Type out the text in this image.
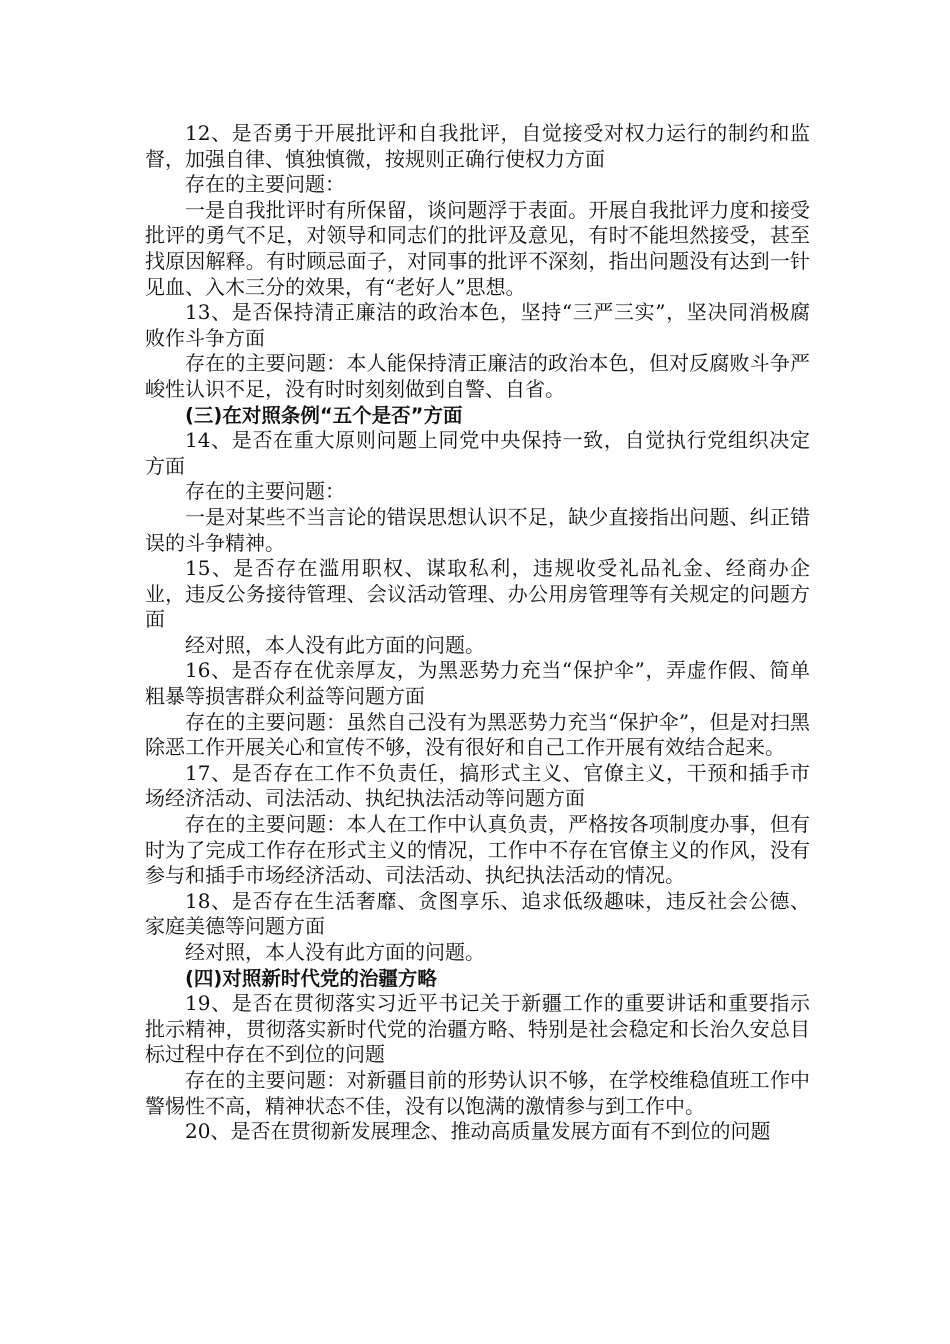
12、是否勇于开展批评和自我批评，自觉接受对权力运行的制约和监督，加强自律、慎独慎微，按规则正确行使权力方面

存在的主要问题：

一是自我批评时有所保留，谈问题浮于表面。开展自我批评力度和接受批评的勇气不足，对领导和同志们的批评及意见，有时不能坦然接受，甚至找原因解释。有时顾忌面子，对同事的批评不深刻，指出问题没有达到一针见血、入木三分的效果，有“老好人”思想。

13、是否保持清正廉洁的政治本色，坚持“三严三实”，坚决同消极腐败作斗争方面

存在的主要问题：本人能保持清正廉洁的政治本色，但对反腐败斗争严峻性认识不足，没有时时刻刻做到自警、自省。

(三)在对照条例“五个是否”方面

14、是否在重大原则问题上同党中央保持一致，自觉执行党组织决定方面

存在的主要问题：

一是对某些不当言论的错误思想认识不足，缺少直接指出问题、纠正错误的斗争精神。

15、是否存在滥用职权、谋取私利，违规收受礼品礼金、经商办企业，违反公务接待管理、会议活动管理、办公用房管理等有关规定的问题方面

经对照，本人没有此方面的问题。

16、是否存在优亲厚友，为黑恶势力充当“保护伞”，弄虚作假、简单粗暴等损害群众利益等问题方面

存在的主要问题：虽然自己没有为黑恶势力充当“保护伞”，但是对扫黑除恶工作开展关心和宣传不够，没有很好和自己工作开展有效结合起来。

17、是否存在工作不负责任，搞形式主义、官僚主义，干预和插手市场经济活动、司法活动、执纪执法活动等问题方面

存在的主要问题：本人在工作中认真负责，严格按各项制度办事，但有时为了完成工作存在形式主义的情况，工作中不存在官僚主义的作风，没有参与和插手市场经济活动、司法活动、执纪执法活动的情况。

18、是否存在生活奢靡、贪图享乐、追求低级趣味，违反社会公德、家庭美德等问题方面

经对照，本人没有此方面的问题。

(四)对照新时代党的治疆方略

19、是否在贯彻落实习近平书记关于新疆工作的重要讲话和重要指示批示精神，贯彻落实新时代党的治疆方略、特别是社会稳定和长治久安总目标过程中存在不到位的问题

存在的主要问题：对新疆目前的形势认识不够，在学校维稳值班工作中警惕性不高，精神状态不佳，没有以饱满的激情参与到工作中。

20、是否在贯彻新发展理念、推动高质量发展方面有不到位的问题
